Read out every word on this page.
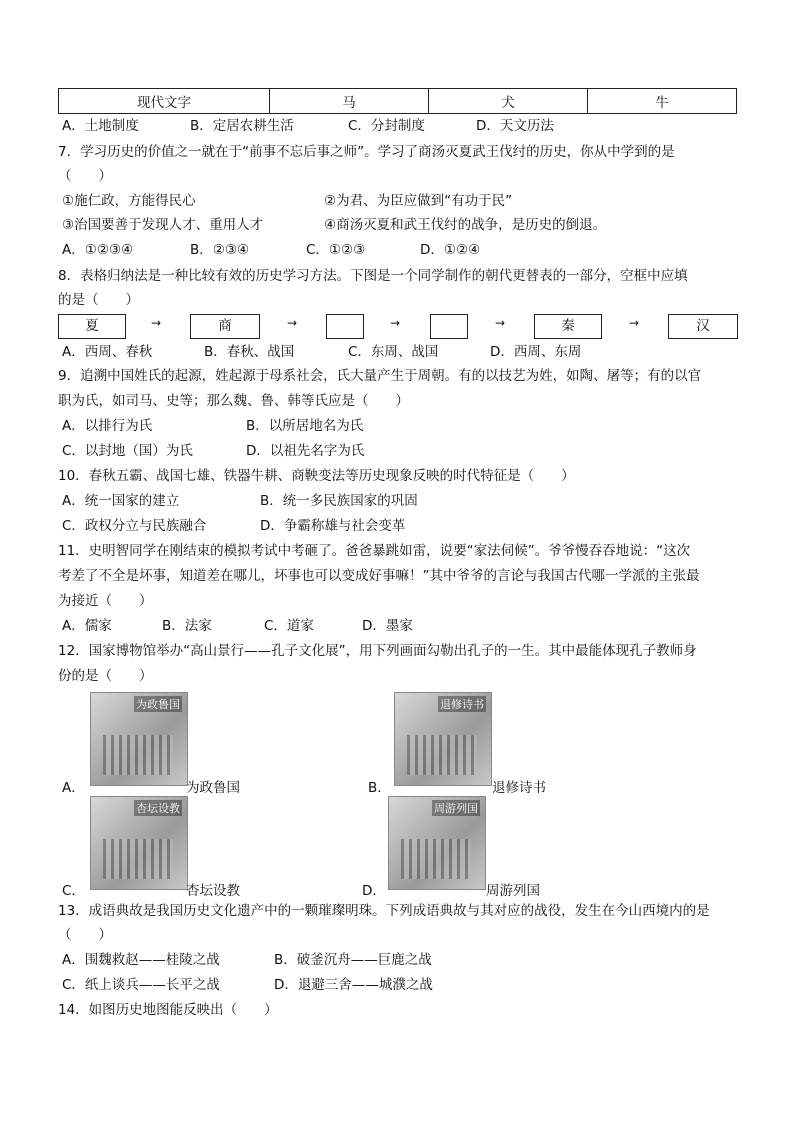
现代文字	马	犬	牛
A．土地制度	B．定居农耕生活	C．分封制度	D．天文历法
7．学习历史的价值之一就在于“前事不忘后事之师”。学习了商汤灭夏武王伐纣的历史，你从中学到的是
（　　）
①施仁政，方能得民心	②为君、为臣应做到“有功于民”
③治国要善于发现人才、重用人才	④商汤灭夏和武王伐纣的战争，是历史的倒退。
A．①②③④	B．②③④	C．①②③	D．①②④
8．表格归纳法是一种比较有效的历史学习方法。下图是一个同学制作的朝代更替表的一部分，空框中应填
的是（　　）
夏	→	商	→	→	→	秦	→	汉
A．西周、春秋	B．春秋、战国	C．东周、战国	D．西周、东周
9．追溯中国姓氏的起源，姓起源于母系社会，氏大量产生于周朝。有的以技艺为姓，如陶、屠等；有的以官
职为氏，如司马、史等；那么魏、鲁、韩等氏应是（　　）
A．以排行为氏	B．以所居地名为氏
C．以封地（国）为氏	D．以祖先名字为氏
10．春秋五霸、战国七雄、铁器牛耕、商鞅变法等历史现象反映的时代特征是（　　）
A．统一国家的建立	B．统一多民族国家的巩固
C．政权分立与民族融合	D．争霸称雄与社会变革
11．史明智同学在刚结束的模拟考试中考砸了。爸爸暴跳如雷，说要“家法伺候”。爷爷慢吞吞地说：“这次
考差了不全是坏事，知道差在哪儿，坏事也可以变成好事嘛！”其中爷爷的言论与我国古代哪一学派的主张最
为接近（　　）
A．儒家	B．法家	C．道家	D．墨家
12．国家博物馆举办“高山景行——孔子文化展”，用下列画面勾勒出孔子的一生。其中最能体现孔子教师身
份的是（　　）
A．
为政鲁国
为政鲁国	B．
退修诗书
退修诗书
C．
杏坛设教
杏坛设教	D．
周游列国
周游列国
13．成语典故是我国历史文化遗产中的一颗璀璨明珠。下列成语典故与其对应的战役，发生在今山西境内的是
（　　）
A．围魏救赵——桂陵之战	B．破釜沉舟——巨鹿之战
C．纸上谈兵——长平之战	D．退避三舍——城濮之战
14．如图历史地图能反映出（　　）
